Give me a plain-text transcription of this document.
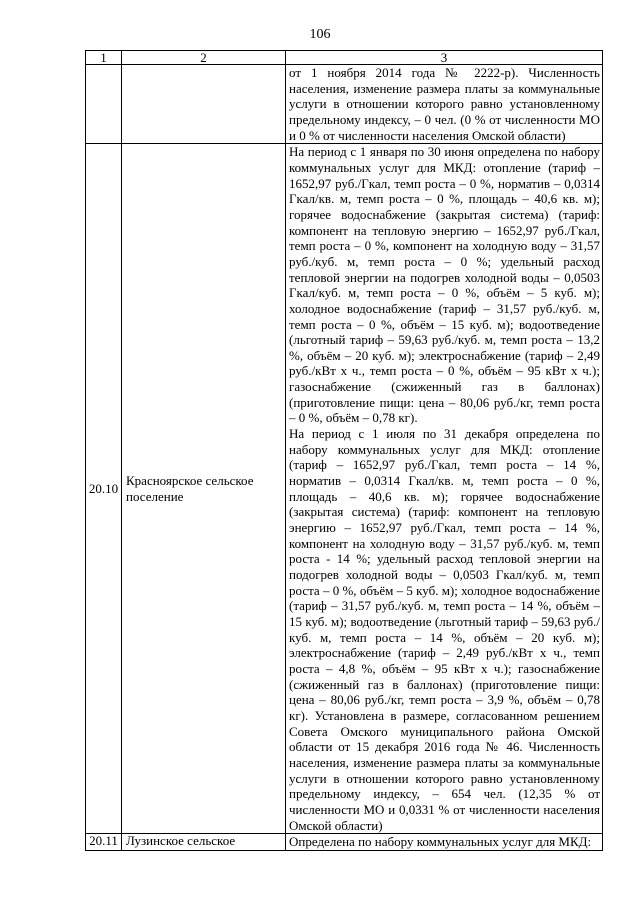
106
1	2	3

		от 1 ноября 2014 года № 2222-р). Численность населения, изменение размера платы за коммунальные услуги в отношении которого равно установленному предельному индексу, – 0 чел. (0 % от численности МО и 0 % от численности населения Омской области)

20.10	Красноярское сельское поселение	На период с 1 января по 30 июня определена по набору коммунальных услуг для МКД: отопление (тариф – 1652,97 руб./Гкал, темп роста – 0 %, норматив – 0,0314 Гкал/кв. м, темп роста – 0 %, площадь – 40,6 кв. м); горячее водоснабжение (закрытая система) (тариф: компонент на тепловую энергию – 1652,97 руб./Гкал, темп роста – 0 %, компонент на холодную воду – 31,57 руб./куб. м, темп роста – 0 %; удельный расход тепловой энергии на подогрев холодной воды – 0,0503 Гкал/куб. м, темп роста – 0 %, объём – 5 куб. м); холодное водоснабжение (тариф – 31,57 руб./куб. м, темп роста – 0 %, объём – 15 куб. м); водоотведение (льготный тариф – 59,63 руб./куб. м, темп роста – 13,2 %, объём – 20 куб. м); электроснабжение (тариф – 2,49 руб./кВт х ч., темп роста – 0 %, объём – 95 кВт х ч.); газоснабжение (сжиженный газ в баллонах) (приготовление пищи: цена – 80,06 руб./кг, темп роста – 0 %, объём – 0,78 кг).
На период с 1 июля по 31 декабря определена по набору коммунальных услуг для МКД: отопление (тариф – 1652,97 руб./Гкал, темп роста – 14 %, норматив – 0,0314 Гкал/кв. м, темп роста – 0 %, площадь – 40,6 кв. м); горячее водоснабжение (закрытая система) (тариф: компонент на тепловую энергию – 1652,97 руб./Гкал, темп роста – 14 %, компонент на холодную воду – 31,57 руб./куб. м, темп роста - 14 %; удельный расход тепловой энергии на подогрев холодной воды – 0,0503 Гкал/куб. м, темп роста – 0 %, объём – 5 куб. м); холодное водоснабжение (тариф – 31,57 руб./куб. м, темп роста – 14 %, объём – 15 куб. м); водоотведение (льготный тариф – 59,63 руб./куб. м, темп роста – 14 %, объём – 20 куб. м); электроснабжение (тариф – 2,49 руб./кВт х ч., темп роста – 4,8 %, объём – 95 кВт х ч.); газоснабжение (сжиженный газ в баллонах) (приготовление пищи: цена – 80,06 руб./кг, темп роста – 3,9 %, объём – 0,78 кг). Установлена в размере, согласованном решением Совета Омского муниципального района Омской области от 15 декабря 2016 года № 46. Численность населения, изменение размера платы за коммунальные услуги в отношении которого равно установленному предельному индексу, – 654 чел. (12,35 % от численности МО и 0,0331 % от численности населения Омской области)

20.11	Лузинское сельское	Определена по набору коммунальных услуг для МКД:
